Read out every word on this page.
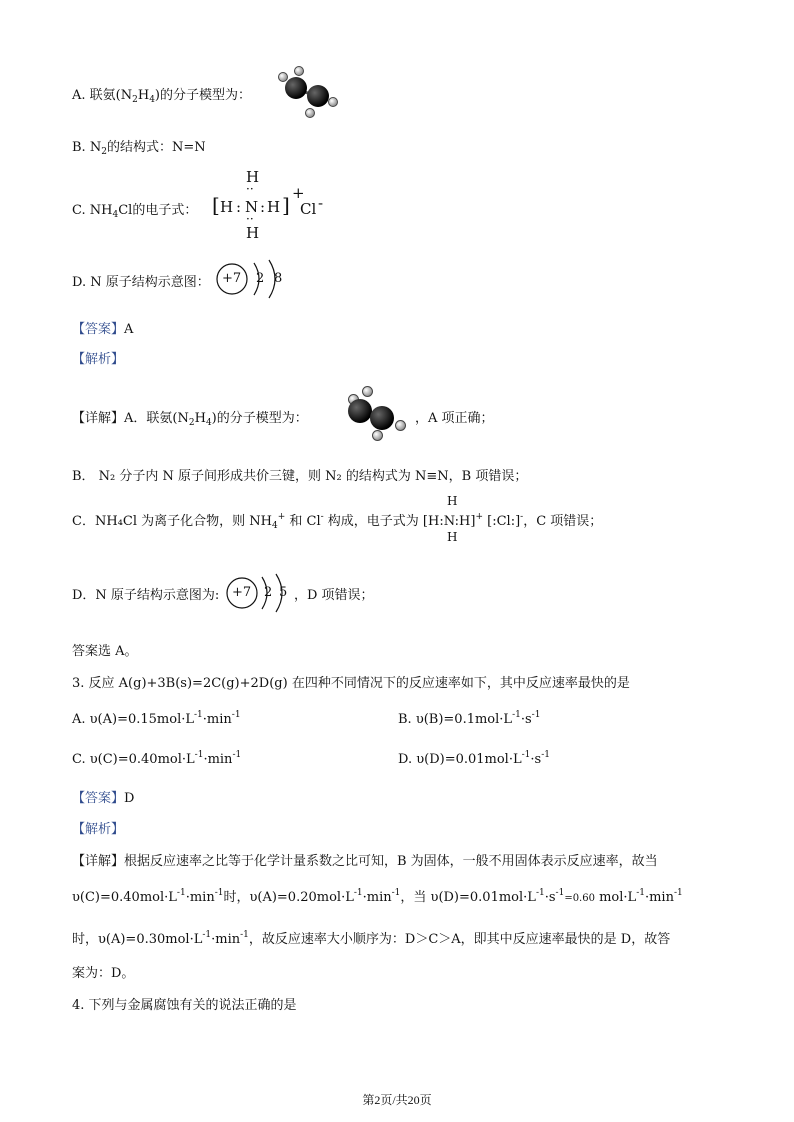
A. 联氨$(N_2H_4)$的分子模型为：
B. $N_2$的结构式：N=N
C. $NH_4Cl$的电子式：
H
··
[ H : N : H ] +
Cl -
··
H
D. N 原子结构示意图： +7 2 8
【答案】A
【解析】
【详解】A．联氨$(N_2H_4)$的分子模型为：	，A 项正确；
B． N₂ 分子内 N 原子间形成共价三键，则 N₂ 的结构式为 N≡N，B 项错误；
C．NH₄Cl 为离子化合物，则 $NH_4^+$ 和 Cl- 构成，电子式为 [H:N:H]+ [:Cl:]-，C 项错误；
H
H
D．N 原子结构示意图为: +7 2 5 ，D 项错误；
答案选 A。
3. 反应 A(g)+3B(s)=2C(g)+2D(g) 在四种不同情况下的反应速率如下，其中反应速率最快的是
A. $\upsilon(A)=0.15mol\cdot L^{-1}\cdot\min^{-1}$	B. $\upsilon(B)=0.1mol\cdot L^{-1}\cdot s^{-1}$
C. $\upsilon(C)=0.40mol\cdot L^{-1}\cdot\min^{-1}$	D. $\upsilon(D)=0.01mol\cdot L^{-1}\cdot s^{-1}$
【答案】D
【解析】
【详解】根据反应速率之比等于化学计量系数之比可知，B 为固体，一般不用固体表示反应速率，故当
$\upsilon(C)=0.40mol\cdot L^{-1}\cdot\min^{-1}$时，$\upsilon(A)=0.20mol\cdot L^{-1}\cdot\min^{-1}$，当 $\upsilon(D)=0.01mol\cdot L^{-1}\cdot s^{-1}=0.60$ $mol\cdot L^{-1}\cdot\min^{-1}$
时，$\upsilon(A)=0.30mol\cdot L^{-1}\cdot\min^{-1}$，故反应速率大小顺序为：D＞C＞A，即其中反应速率最快的是 D，故答
案为：D。
4. 下列与金属腐蚀有关的说法正确的是
第2页/共20页
